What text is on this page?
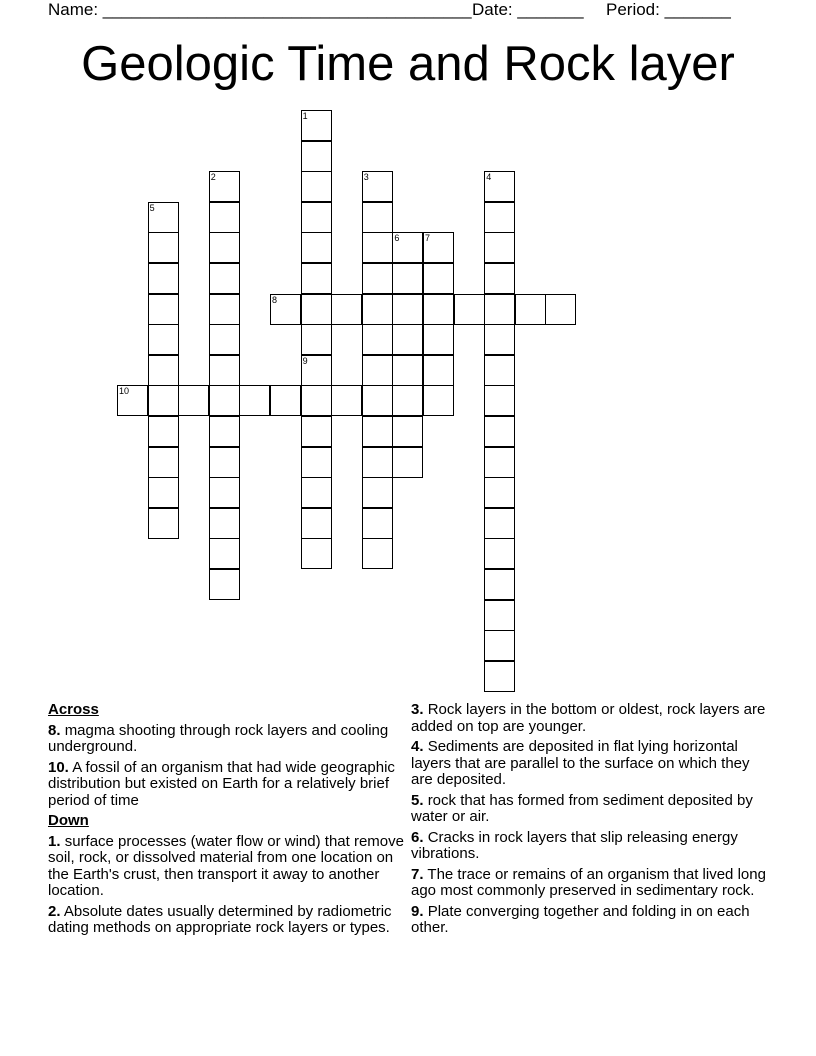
Name: _______________________________________ Date: _______ Period: _______
Geologic Time and Rock layer
1
9
2	3	4
5
6	7
8
10
Across
8. magma shooting through rock layers and cooling underground.
10. A fossil of an organism that had wide geographic distribution but existed on Earth for a relatively brief period of time
Down
1. surface processes (water flow or wind) that remove soil, rock, or dissolved material from one location on the Earth's crust, then transport it away to another location.
2. Absolute dates usually determined by radiometric dating methods on appropriate rock layers or types.
3. Rock layers in the bottom or oldest, rock layers are added on top are younger.
4. Sediments are deposited in flat lying horizontal layers that are parallel to the surface on which they are deposited.
5. rock that has formed from sediment deposited by water or air.
6. Cracks in rock layers that slip releasing energy vibrations.
7. The trace or remains of an organism that lived long ago most commonly preserved in sedimentary rock.
9. Plate converging together and folding in on each other.
